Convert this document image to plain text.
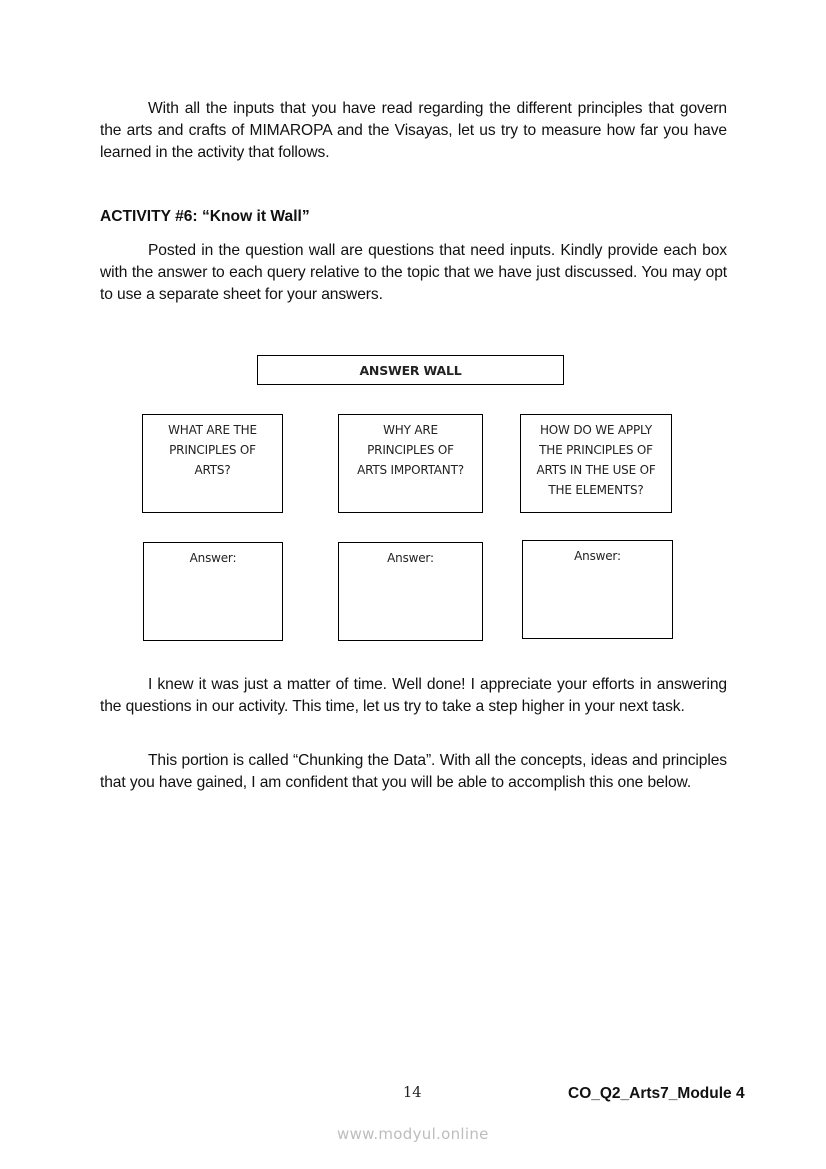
With all the inputs that you have read regarding the different principles that govern the arts and crafts of MIMAROPA and the Visayas, let us try to measure how far you have learned in the activity that follows.

ACTIVITY #6: “Know it Wall”

Posted in the question wall are questions that need inputs. Kindly provide each box with the answer to each query relative to the topic that we have just discussed. You may opt to use a separate sheet for your answers.

ANSWER WALL
WHAT ARE THE
PRINCIPLES OF
ARTS?
WHY ARE
PRINCIPLES OF
ARTS IMPORTANT?
HOW DO WE APPLY
THE PRINCIPLES OF
ARTS IN THE USE OF
THE ELEMENTS?
Answer:	Answer:	Answer:

I knew it was just a matter of time. Well done! I appreciate your efforts in answering the questions in our activity. This time, let us try to take a step higher in your next task.

This portion is called “Chunking the Data”. With all the concepts, ideas and principles that you have gained, I am confident that you will be able to accomplish this one below.

14	CO_Q2_Arts7_Module 4
www.modyul.online
